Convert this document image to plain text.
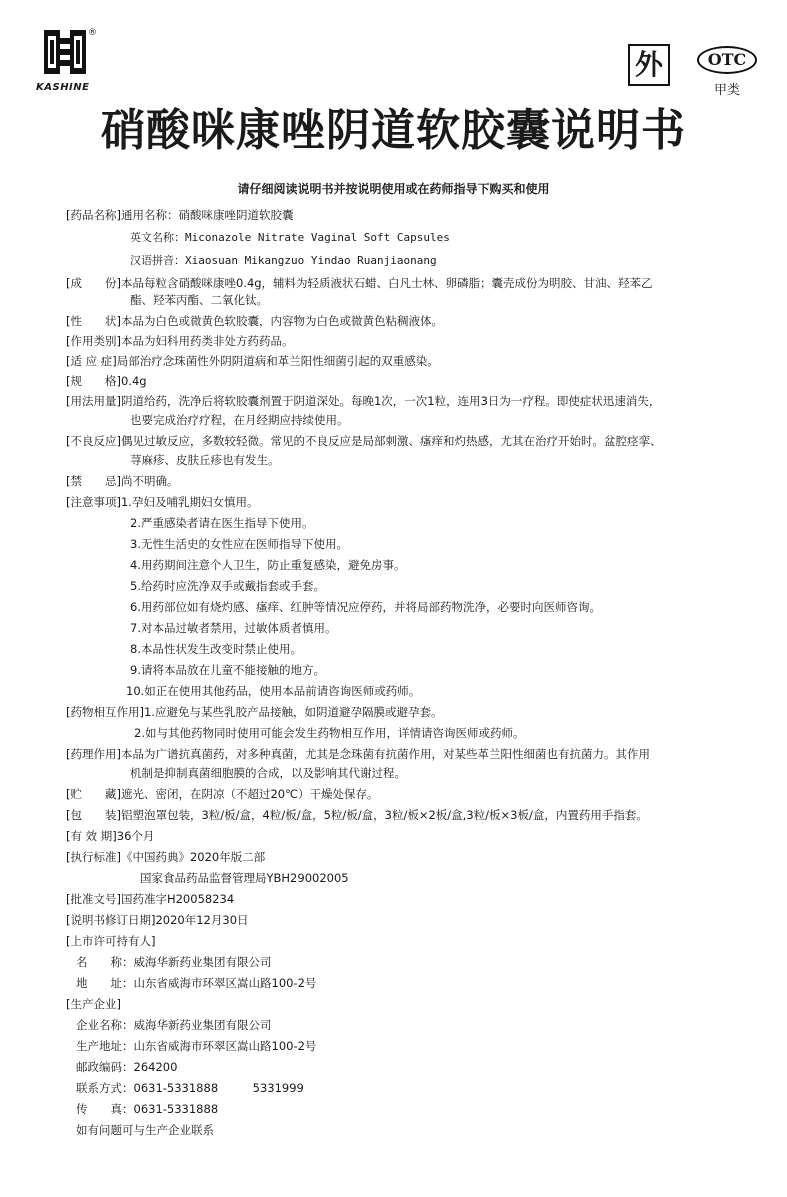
®
KASHINE
外	OTC
甲类
硝酸咪康唑阴道软胶囊说明书
请仔细阅读说明书并按说明使用或在药师指导下购买和使用
[药品名称]通用名称：硝酸咪康唑阴道软胶囊
英文名称：Miconazole Nitrate Vaginal Soft Capsules
汉语拼音：Xiaosuan Mikangzuo Yindao Ruanjiaonang
[成　　份]本品每粒含硝酸咪康唑0.4g，辅料为轻质液状石蜡、白凡士林、卵磷脂；囊壳成份为明胶、甘油、羟苯乙
酯、羟苯丙酯、二氧化钛。
[性　　状]本品为白色或微黄色软胶囊，内容物为白色或微黄色粘稠液体。
[作用类别]本品为妇科用药类非处方药药品。
[适 应 症]局部治疗念珠菌性外阴阴道病和革兰阳性细菌引起的双重感染。
[规　　格]0.4g
[用法用量]阴道给药，洗净后将软胶囊剂置于阴道深处。每晚1次，一次1粒，连用3日为一疗程。即使症状迅速消失，
也要完成治疗疗程，在月经期应持续使用。
[不良反应]偶见过敏反应，多数较轻微。常见的不良反应是局部刺激、瘙痒和灼热感，尤其在治疗开始时。盆腔痉挛、
荨麻疹、皮肤丘疹也有发生。
[禁　　忌]尚不明确。
[注意事项]1.孕妇及哺乳期妇女慎用。
2.严重感染者请在医生指导下使用。
3.无性生活史的女性应在医师指导下使用。
4.用药期间注意个人卫生，防止重复感染，避免房事。
5.给药时应洗净双手或戴指套或手套。
6.用药部位如有烧灼感、瘙痒、红肿等情况应停药，并将局部药物洗净，必要时向医师咨询。
7.对本品过敏者禁用，过敏体质者慎用。
8.本品性状发生改变时禁止使用。
9.请将本品放在儿童不能接触的地方。
10.如正在使用其他药品，使用本品前请咨询医师或药师。
[药物相互作用]1.应避免与某些乳胶产品接触，如阴道避孕隔膜或避孕套。
2.如与其他药物同时使用可能会发生药物相互作用，详情请咨询医师或药师。
[药理作用]本品为广谱抗真菌药，对多种真菌，尤其是念珠菌有抗菌作用，对某些革兰阳性细菌也有抗菌力。其作用
机制是抑制真菌细胞膜的合成，以及影响其代谢过程。
[贮　　藏]遮光、密闭，在阴凉（不超过20℃）干燥处保存。
[包　　装]铝塑泡罩包装，3粒/板/盒，4粒/板/盒，5粒/板/盒，3粒/板×2板/盒,3粒/板×3板/盒，内置药用手指套。
[有 效 期]36个月
[执行标准]《中国药典》2020年版二部
国家食品药品监督管理局YBH29002005
[批准文号]国药准字H20058234
[说明书修订日期]2020年12月30日
[上市许可持有人]
名　　称：威海华新药业集团有限公司
地　　址：山东省威海市环翠区嵩山路100-2号
[生产企业]
企业名称：威海华新药业集团有限公司
生产地址：山东省威海市环翠区嵩山路100-2号
邮政编码：264200
联系方式：0631-5331888　　　5331999
传　　真：0631-5331888
如有问题可与生产企业联系
